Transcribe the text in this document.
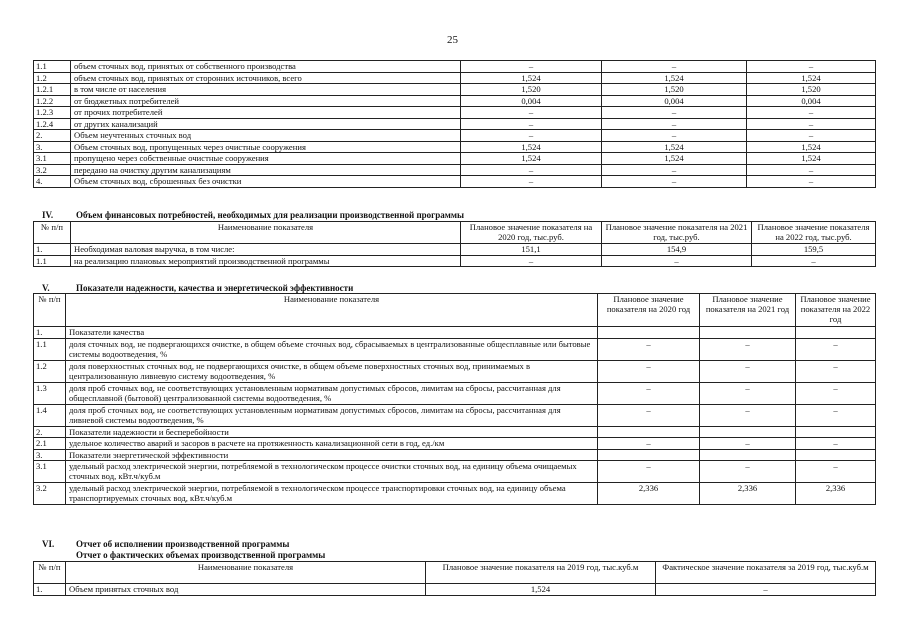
25
1.1	объем сточных вод, принятых от собственного производства	–	–	–
1.2	объем сточных вод, принятых от сторонних источников, всего	1,524	1,524	1,524
1.2.1	в том числе от населения	1,520	1,520	1,520
1.2.2	от бюджетных потребителей	0,004	0,004	0,004
1.2.3	от прочих потребителей	–	–	–
1.2.4	от других канализаций	–	–	–
2.	Объем неучтенных сточных вод	–	–	–
3.	Объем сточных вод, пропущенных через очистные сооружения	1,524	1,524	1,524
3.1	пропущено через собственные очистные сооружения	1,524	1,524	1,524
3.2	передано на очистку другим канализациям	–	–	–
4.	Объем сточных вод, сброшенных без очистки	–	–	–
IV.	Объем финансовых потребностей, необходимых для реализации производственной программы
№ п/п	Наименование показателя	Плановое значение показателя на 2020 год, тыс.руб.	Плановое значение показателя на 2021 год, тыс.руб.	Плановое значение показателя на 2022 год, тыс.руб.
1.	Необходимая валовая выручка, в том числе:	151,1	154,9	159,5
1.1	на реализацию плановых мероприятий производственной программы	–	–	–
V.	Показатели надежности, качества и энергетической эффективности
№ п/п	Наименование показателя	Плановое значение показателя на 2020 год	Плановое значение показателя на 2021 год	Плановое значение показателя на 2022 год
1.	Показатели качества			
1.1	доля сточных вод, не подвергающихся очистке, в общем объеме сточных вод, сбрасываемых в централизованные общесплавные или бытовые системы водоотведения, %	–	–	–
1.2	доля поверхностных сточных вод, не подвергающихся очистке, в общем объеме поверхностных сточных вод, принимаемых в централизованную ливневую систему водоотведения, %	–	–	–
1.3	доля проб сточных вод, не соответствующих установленным нормативам допустимых сбросов, лимитам на сбросы, рассчитанная для общесплавной (бытовой) централизованной системы водоотведения, %	–	–	–
1.4	доля проб сточных вод, не соответствующих установленным нормативам допустимых сбросов, лимитам на сбросы, рассчитанная для ливневой системы водоотведения, %	–	–	–
2.	Показатели надежности и бесперебойности			
2.1	удельное количество аварий и засоров в расчете на протяженность канализационной сети в год, ед./км	–	–	–
3.	Показатели энергетической эффективности			
3.1	удельный расход электрической энергии, потребляемой в технологическом процессе очистки сточных вод, на единицу объема очищаемых сточных вод, кВт.ч/куб.м	–	–	–
3.2	удельный расход электрической энергии, потребляемой в технологическом процессе транспортировки сточных вод, на единицу объема транспортируемых сточных вод, кВт.ч/куб.м	2,336	2,336	2,336
VI. Отчет об исполнении производственной программы
Отчет о фактических объемах производственной программы
№ п/п	Наименование показателя	Плановое значение показателя на 2019 год, тыс.куб.м	Фактическое значение показателя за 2019 год, тыс.куб.м
1.	Объем принятых сточных вод	1,524	–
